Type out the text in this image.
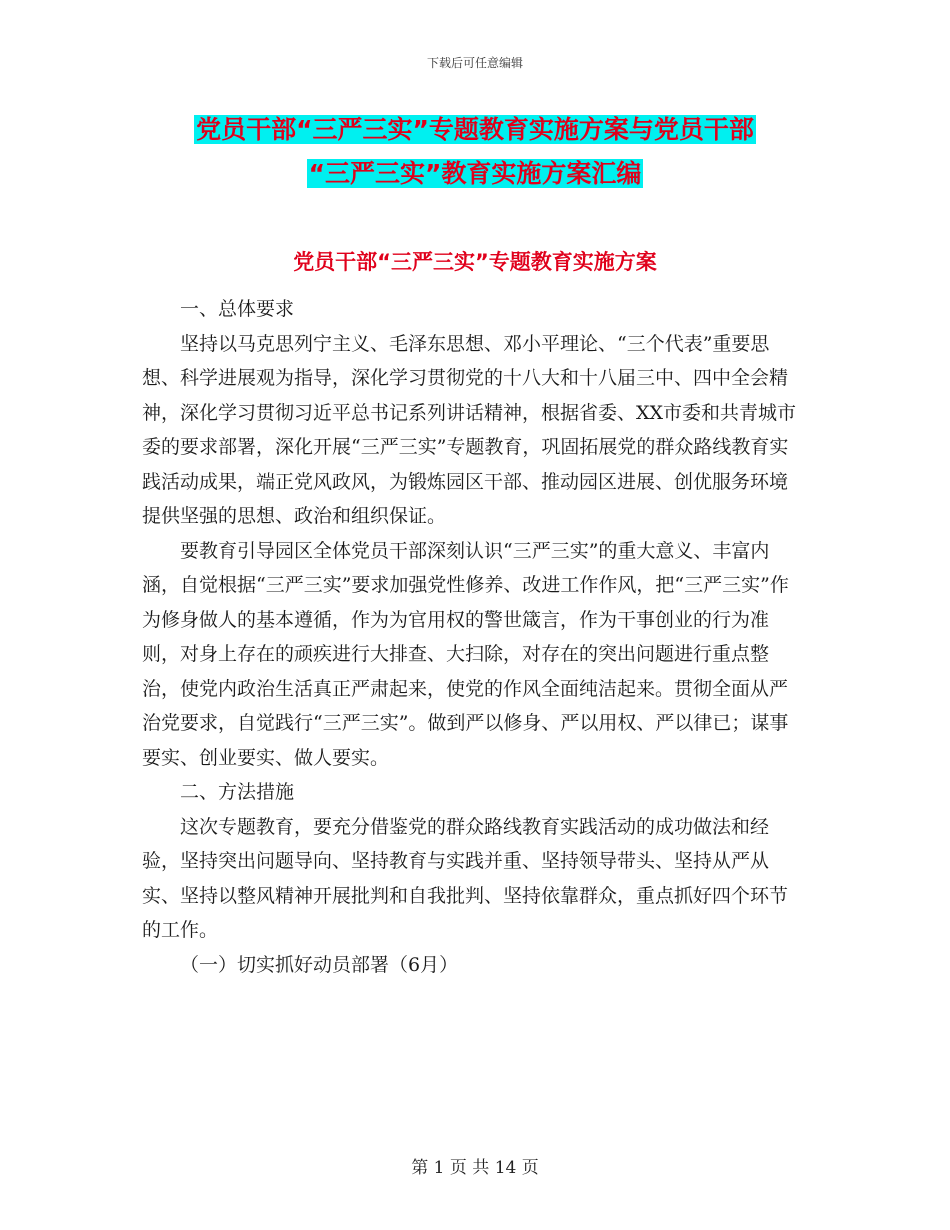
下载后可任意编辑
党员干部“三严三实”专题教育实施方案与党员干部
“三严三实”教育实施方案汇编
党员干部“三严三实”专题教育实施方案

一、总体要求

坚持以马克思列宁主义、毛泽东思想、邓小平理论、“三个代表”重要思想、科学进展观为指导，深化学习贯彻党的十八大和十八届三中、四中全会精神，深化学习贯彻习近平总书记系列讲话精神，根据省委、XX市委和共青城市委的要求部署，深化开展“三严三实”专题教育，巩固拓展党的群众路线教育实践活动成果，端正党风政风，为锻炼园区干部、推动园区进展、创优服务环境提供坚强的思想、政治和组织保证。

要教育引导园区全体党员干部深刻认识“三严三实”的重大意义、丰富内涵，自觉根据“三严三实”要求加强党性修养、改进工作作风，把“三严三实”作为修身做人的基本遵循，作为为官用权的警世箴言，作为干事创业的行为准则，对身上存在的顽疾进行大排查、大扫除，对存在的突出问题进行重点整治，使党内政治生活真正严肃起来，使党的作风全面纯洁起来。贯彻全面从严治党要求，自觉践行“三严三实”。做到严以修身、严以用权、严以律已；谋事要实、创业要实、做人要实。

二、方法措施

这次专题教育，要充分借鉴党的群众路线教育实践活动的成功做法和经验，坚持突出问题导向、坚持教育与实践并重、坚持领导带头、坚持从严从实、坚持以整风精神开展批判和自我批判、坚持依靠群众，重点抓好四个环节的工作。

（一）切实抓好动员部署（6月）

第 1 页 共 14 页
